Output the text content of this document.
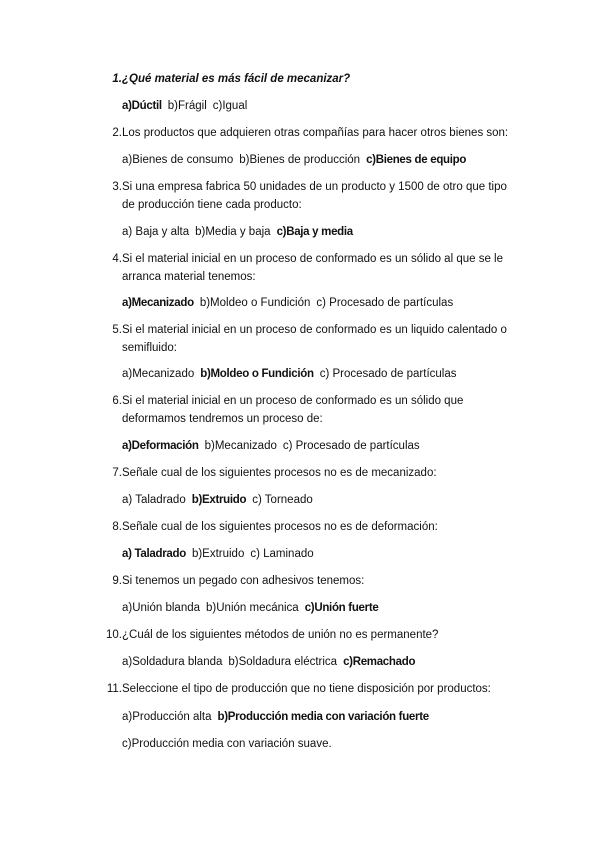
1. ¿Qué material es más fácil de mecanizar?
a)Dúctil b)Frágil c)Igual
2. Los productos que adquieren otras compañías para hacer otros bienes son:
a)Bienes de consumo b)Bienes de producción c)Bienes de equipo
3. Si una empresa fabrica 50 unidades de un producto y 1500 de otro que tipo de producción tiene cada producto:
a) Baja y alta b)Media y baja c)Baja y media
4. Si el material inicial en un proceso de conformado es un sólido al que se le arranca material tenemos:
a)Mecanizado b)Moldeo o Fundición c) Procesado de partículas
5. Si el material inicial en un proceso de conformado es un liquido calentado o semifluido:
a)Mecanizado b)Moldeo o Fundición c) Procesado de partículas
6. Si el material inicial en un proceso de conformado es un sólido que deformamos tendremos un proceso de:
a)Deformación b)Mecanizado c) Procesado de partículas
7. Señale cual de los siguientes procesos no es de mecanizado:
a) Taladrado b)Extruido c) Torneado
8. Señale cual de los siguientes procesos no es de deformación:
a) Taladrado b)Extruido c) Laminado
9. Si tenemos un pegado con adhesivos tenemos:
a)Unión blanda b)Unión mecánica c)Unión fuerte
10. ¿Cuál de los siguientes métodos de unión no es permanente?
a)Soldadura blanda b)Soldadura eléctrica c)Remachado
11. Seleccione el tipo de producción que no tiene disposición por productos:
a)Producción alta b)Producción media con variación fuerte
c)Producción media con variación suave.
